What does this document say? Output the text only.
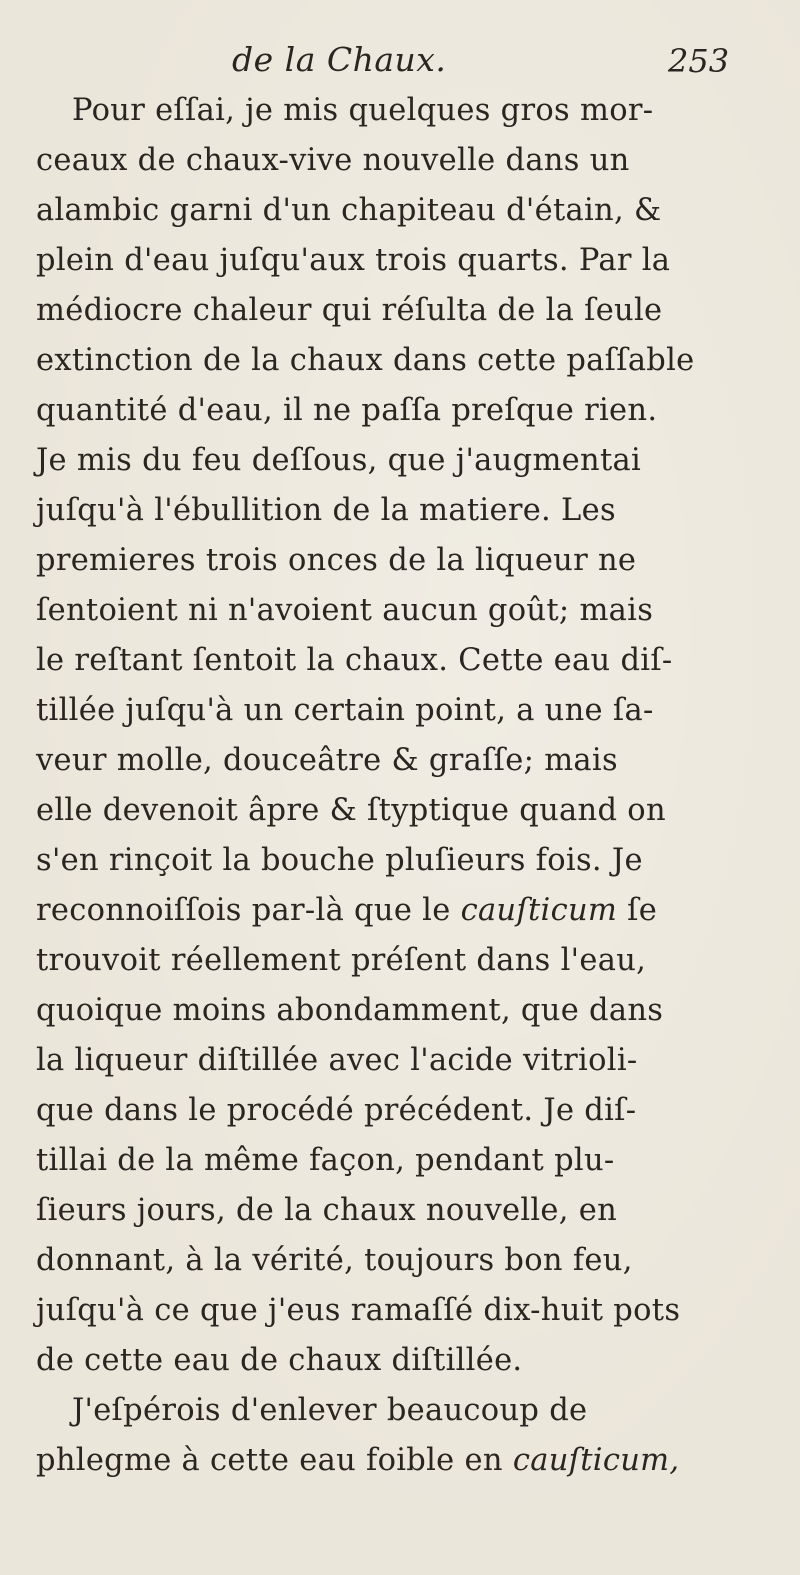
de la Chaux.	253
Pour eſſai, je mis quelques gros mor-
ceaux de chaux-vive nouvelle dans un
alambic garni d'un chapiteau d'étain, &
plein d'eau juſqu'aux trois quarts. Par la
médiocre chaleur qui réſulta de la ſeule
extinction de la chaux dans cette paſſable
quantité d'eau, il ne paſſa preſque rien.
Je mis du feu deſſous, que j'augmentai
juſqu'à l'ébullition de la matiere. Les
premieres trois onces de la liqueur ne
ſentoient ni n'avoient aucun goût; mais
le reſtant ſentoit la chaux. Cette eau diſ-
tillée juſqu'à un certain point, a une ſa-
veur molle, douceâtre & graſſe; mais
elle devenoit âpre & ſtyptique quand on
s'en rinçoit la bouche pluſieurs fois. Je
reconnoiſſois par-là que le cauſticum ſe
trouvoit réellement préſent dans l'eau,
quoique moins abondamment, que dans
la liqueur diſtillée avec l'acide vitrioli-
que dans le procédé précédent. Je diſ-
tillai de la même façon, pendant plu-
ſieurs jours, de la chaux nouvelle, en
donnant, à la vérité, toujours bon feu,
juſqu'à ce que j'eus ramaſſé dix-huit pots
de cette eau de chaux diſtillée.
J'eſpérois d'enlever beaucoup de
phlegme à cette eau foible en cauſticum,
